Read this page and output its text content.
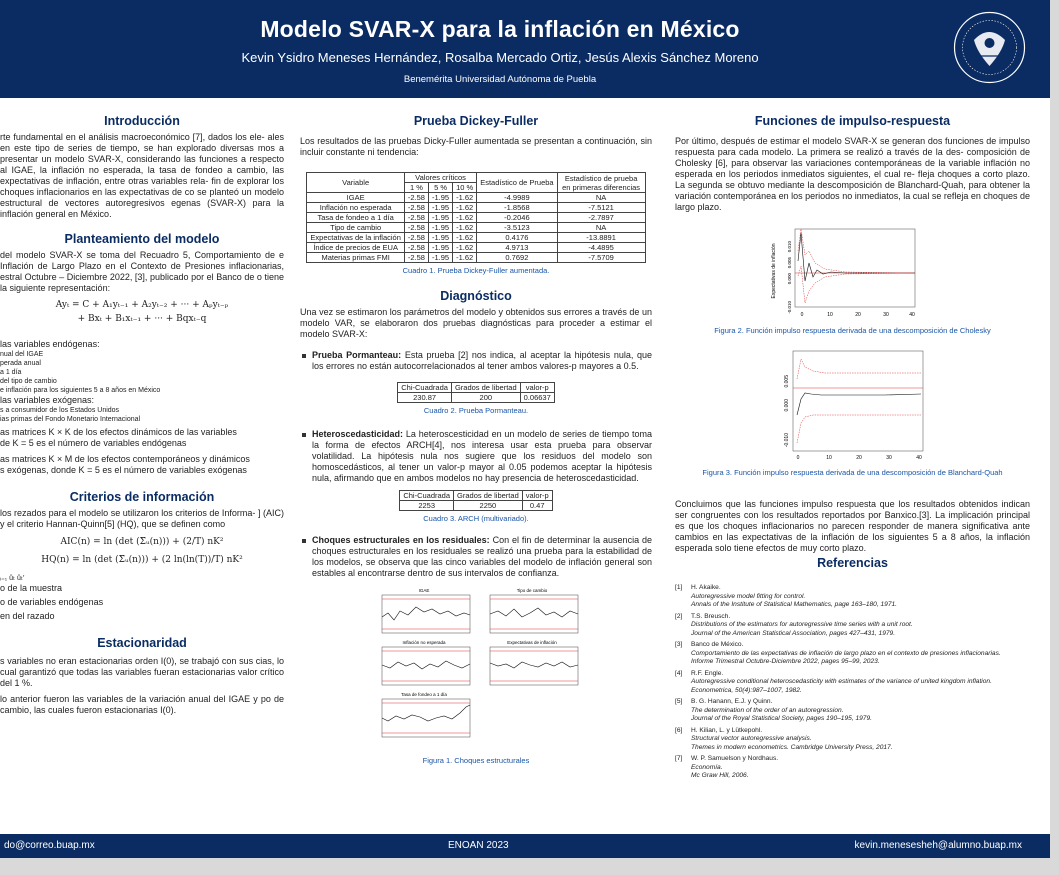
Modelo SVAR-X para la inflación en México
Kevin Ysidro Meneses Hernández, Rosalba Mercado Ortiz, Jesús Alexis Sánchez Moreno
Benemérita Universidad Autónoma de Puebla
Introducción
rte fundamental en el análisis macroeconómico [7], dados los ele- ales en este tipo de series de tiempo, se han explorado diversas mos a presentar un modelo SVAR-X, considerando las funciones a respecto al IGAE, la inflación no esperada, la tasa de fondeo a cambio, las expectativas de inflación, entre otras variables rela- fin de explorar los choques inflacionarios en las expectativas de co se planteó un modelo estructural de vectores autoregresivos egenas (SVAR-X) para la inflación general en México.
Planteamiento del modelo
del modelo SVAR-X se toma del Recuadro 5, Comportamiento de e Inflación de Largo Plazo en el Contexto de Presiones inflacionarias, estral Octubre – Diciembre 2022, [3], publicado por el Banco de o tiene la siguiente representación:
Ayₜ = C + A₁yₜ₋₁ + A₂yₜ₋₂ + ··· + Aₚyₜ₋ₚ
+ Bxₜ + B₁xₜ₋₁ + ··· + Bqxₜ₋q
las variables endógenas:
nual del IGAE
perada anual
a 1 día
del tipo de cambio
e inflación para los siguientes 5 a 8 años en México
las variables exógenas:
s a consumidor de los Estados Unidos
ias primas del Fondo Monetario Internacional
as matrices K × K de los efectos dinámicos de las variables
de K = 5 es el número de variables endógenas
as matrices K × M de los efectos contemporáneos y dinámicos
s exógenas, donde K = 5 es el número de variables exógenas
Criterios de información
los rezados para el modelo se utilizaron los criterios de Informa- ] (AIC) y el criterio Hannan-Quinn[5] (HQ), que se definen como
AIC(n) = ln (det (Σ̃ᵤ(n))) + (2/T) nK²
HQ(n) = ln (det (Σ̃ᵤ(n))) + (2 ln(ln(T))/T) nK²
ᵢ₌₁ ûₜ ûₜ′
o de la muestra
o de variables endógenas
en del razado
Estacionaridad
s variables no eran estacionarias orden I(0), se trabajó con sus cias, lo cual garantizó que todas las variables fueran estacionarias valor crítico del 1 %.
lo anterior fueron las variables de la variación anual del IGAE y po de cambio, las cuales fueron estacionarias I(0).
Prueba Dickey-Fuller
Los resultados de las pruebas Dicky-Fuller aumentada se presentan a continuación, sin incluir constante ni tendencia:
Variable	Valores críticos			Estadístico de Prueba	Estadístico de prueba en primeras diferencias
	1 %	5 %	10 %		
IGAE	-2.58	-1.95	-1.62	-4.9989	NA
Inflación no esperada	-2.58	-1.95	-1.62	-1.8568	-7.5121
Tasa de fondeo a 1 día	-2.58	-1.95	-1.62	-0.2046	-2.7897
Tipo de cambio	-2.58	-1.95	-1.62	-3.5123	NA
Expectativas de la inflación	-2.58	-1.95	-1.62	0.4176	-13.8891
Índice de precios de EUA	-2.58	-1.95	-1.62	4.9713	-4.4895
Materias primas FMI	-2.58	-1.95	-1.62	0.7692	-7.5709
Cuadro 1. Prueba Dickey-Fuller aumentada.
Diagnóstico
Una vez se estimaron los parámetros del modelo y obtenidos sus errores a través de un modelo VAR, se elaboraron dos pruebas diagnósticas para proceder a estimar el modelo SVAR-X:
Prueba Pormanteau: Esta prueba [2] nos indica, al aceptar la hipótesis nula, que los errores no están autocorrelacionados al tener ambos valores-p mayores a 0.5.
Chi-Cuadrada	Grados de libertad	valor-p
230.87	200	0.06637
Cuadro 2. Prueba Pormanteau.
Heteroscedasticidad: La heteroscesticidad en un modelo de series de tiempo toma la forma de efectos ARCH[4], nos interesa usar esta prueba para observar volatilidad. La hipótesis nula nos sugiere que los residuos del modelo son homoscedásticos, al tener un valor-p mayor al 0.05 podemos aceptar la hipótesis nula, afirmando que en ambos modelos no hay presencia de heteroscedasticidad.
Chi-Cuadrada	Grados de libertad	valor-p
2253	2250	0.47
Cuadro 3. ARCH (multivariado).
Choques estructurales en los residuales: Con el fin de determinar la ausencia de choques estructurales en los residuales se realizó una prueba para la estabilidad de los modelos, se observa que las cinco variables del modelo de inflación general son estables al encontrarse dentro de sus intervalos de confianza.
IGAE	Tipo de cambio
Inflación no esperada	Expectativas de inflación
Tasa de fondeo a 1 día
Figura 1. Choques estructurales
Funciones de impulso-respuesta
Por último, después de estimar el modelo SVAR-X se generan dos funciones de impulso respuesta para cada modelo. La primera se realizó a través de la des- composición de Cholesky [6], para observar las variaciones contemporáneas de la variable inflación no esperada en los periodos inmediatos siguientes, el cual re- fleja choques a corto plazo. La segunda se obtuvo mediante la descomposición de Blanchard-Quah, para obtener la variación contemporánea en los periodos no inmediatos, la cual se refleja en choques de largo plazo.
Expectativas de inflación
-0.010
0.000
0.005
0.010
0	10	20	30	40
Figura 2. Función impulso respuesta derivada de una descomposición de Cholesky
-0.010
0.000
0.005
0	10	20	30	40
Figura 3. Función impulso respuesta derivada de una descomposición de Blanchard-Quah
Concluimos que las funciones impulso respuesta que los resultados obtenidos indican ser congruentes con los resultados reportados por Banxico.[3]. La implicación principal es que los choques inflacionarios no parecen responder de manera significativa ante cambios en las expectativas de la inflación de los siguientes 5 a 8 años, la inflación esperada solo tiene efectos de muy corto plazo.
Referencias
[1] H. Akaike.
Autoregressive model fitting for control.
Annals of the Institute of Statistical Mathematics, page 163–180, 1971.
[2] T.S. Breusch.
Distributions of the estimators for autoregressive time series with a unit root.
Journal of the American Statistical Association, pages 427–431, 1979.
[3] Banco de México.
Comportamiento de las expectativas de inflación de largo plazo en el contexto de presiones inflacionarias.
Informe Trimestral Octubre-Diciembre 2022, pages 95–99, 2023.
[4] R.F. Engle.
Autoregressive conditional heteroscedasticity with estimates of the variance of united kingdom inflation.
Econometrica, 50(4):987–1007, 1982.
[5] B. G. Hanann, E.J. y Quinn.
The determination of the order of an autoregression.
Journal of the Royal Statistical Society, pages 190–195, 1979.
[6] H. Kilian, L. y Lütkepohl.
Structural vector autoregressive analysis.
Themes in modern econometrics. Cambridge University Press, 2017.
[7] W. P. Samuelson y Nordhaus.
Economía.
Mc Graw Hill, 2006.
do@correo.buap.mx	ENOAN 2023	kevin.menesesheh@alumno.buap.mx
